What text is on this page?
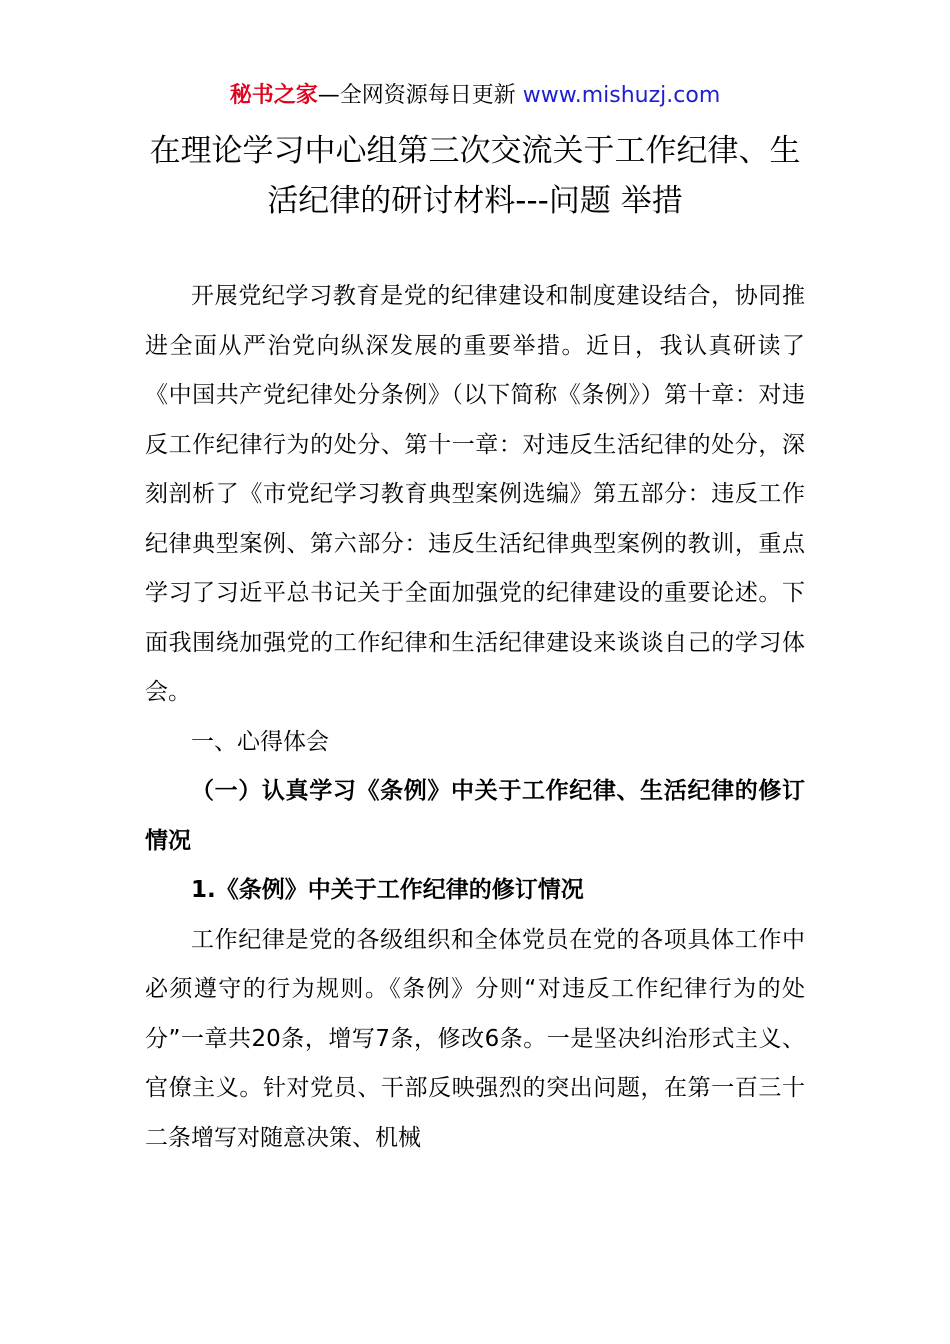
秘书之家—全网资源每日更新 www.mishuzj.com
在理论学习中心组第三次交流关于工作纪律、生活纪律的研讨材料---问题 举措

开展党纪学习教育是党的纪律建设和制度建设结合，协同推进全面从严治党向纵深发展的重要举措。近日，我认真研读了《中国共产党纪律处分条例》（以下简称《条例》）第十章：对违反工作纪律行为的处分、第十一章：对违反生活纪律的处分，深刻剖析了《市党纪学习教育典型案例选编》第五部分：违反工作纪律典型案例、第六部分：违反生活纪律典型案例的教训，重点学习了习近平总书记关于全面加强党的纪律建设的重要论述。下面我围绕加强党的工作纪律和生活纪律建设来谈谈自己的学习体会。

一、心得体会

（一）认真学习《条例》中关于工作纪律、生活纪律的修订情况

1.《条例》中关于工作纪律的修订情况

工作纪律是党的各级组织和全体党员在党的各项具体工作中必须遵守的行为规则。《条例》分则“对违反工作纪律行为的处分”一章共20条，增写7条，修改6条。一是坚决纠治形式主义、官僚主义。针对党员、干部反映强烈的突出问题，在第一百三十二条增写对随意决策、机械
